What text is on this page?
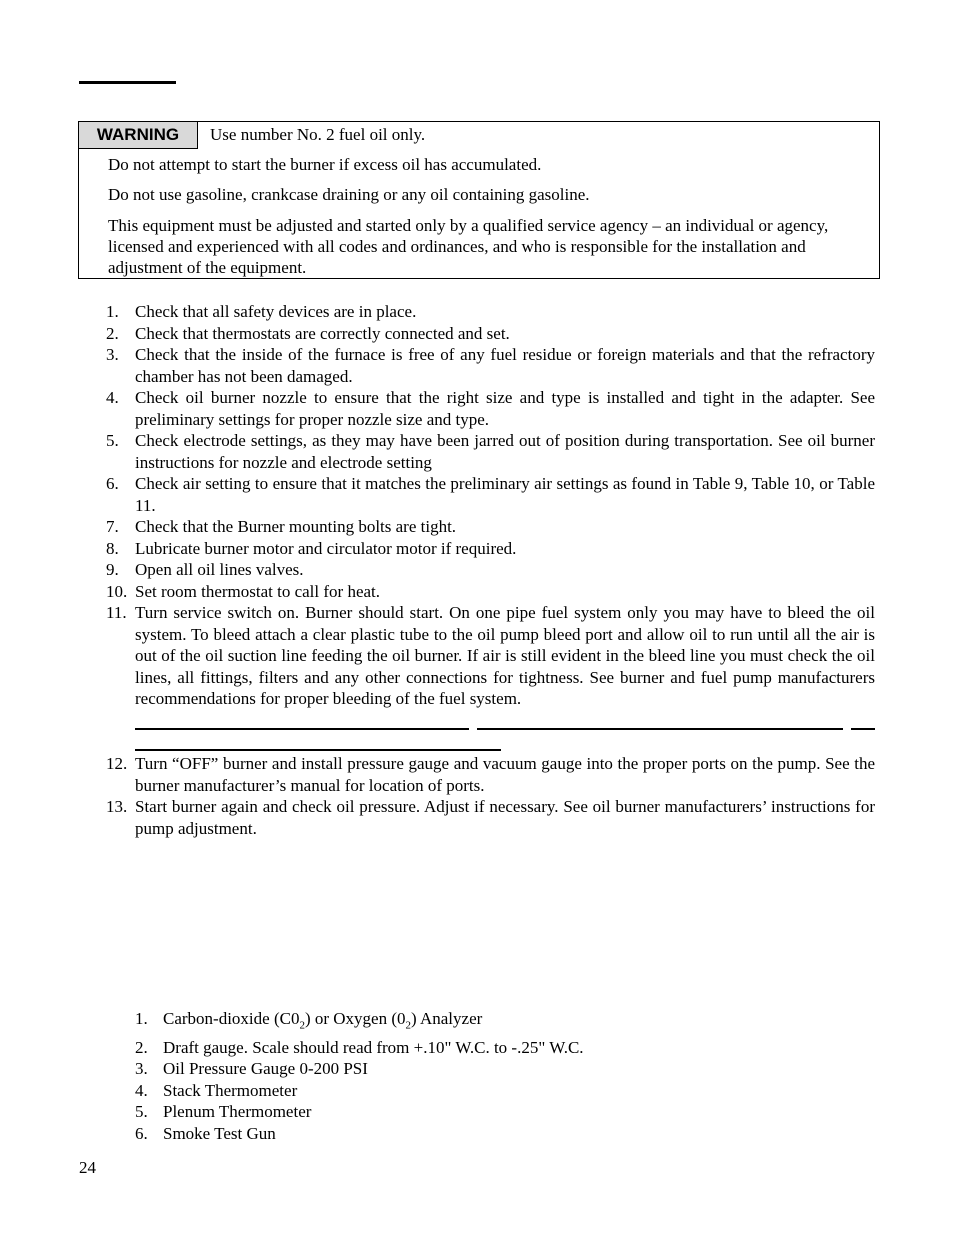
WARNING	Use number No. 2 fuel oil only.
Do not attempt to start the burner if excess oil has accumulated.
Do not use gasoline, crankcase draining or any oil containing gasoline.
This equipment must be adjusted and started only by a qualified service agency – an individual or agency, licensed and experienced with all codes and ordinances, and who is responsible for the installation and adjustment of the equipment.
1. Check that all safety devices are in place.
2. Check that thermostats are correctly connected and set.
3. Check that the inside of the furnace is free of any fuel residue or foreign materials and that the refractory chamber has not been damaged.
4. Check oil burner nozzle to ensure that the right size and type is installed and tight in the adapter. See preliminary settings for proper nozzle size and type.
5. Check electrode settings, as they may have been jarred out of position during transportation. See oil burner instructions for nozzle and electrode setting
6. Check air setting to ensure that it matches the preliminary air settings as found in Table 9, Table 10, or Table 11.
7. Check that the Burner mounting bolts are tight.
8. Lubricate burner motor and circulator motor if required.
9. Open all oil lines valves.
10. Set room thermostat to call for heat.
11. Turn service switch on. Burner should start. On one pipe fuel system only you may have to bleed the oil system. To bleed attach a clear plastic tube to the oil pump bleed port and allow oil to run until all the air is out of the oil suction line feeding the oil burner. If air is still evident in the bleed line you must check the oil lines, all fittings, filters and any other connections for tightness. See burner and fuel pump manufacturers recommendations for proper bleeding of the fuel system.
12. Turn “OFF” burner and install pressure gauge and vacuum gauge into the proper ports on the pump. See the burner manufacturer’s manual for location of ports.
13. Start burner again and check oil pressure. Adjust if necessary. See oil burner manufacturers’ instructions for pump adjustment.
1. Carbon-dioxide $(C0_2)$ or Oxygen $(0_2)$ Analyzer
2. Draft gauge. Scale should read from +.10" W.C. to -.25" W.C.
3. Oil Pressure Gauge 0-200 PSI
4. Stack Thermometer
5. Plenum Thermometer
6. Smoke Test Gun
24
